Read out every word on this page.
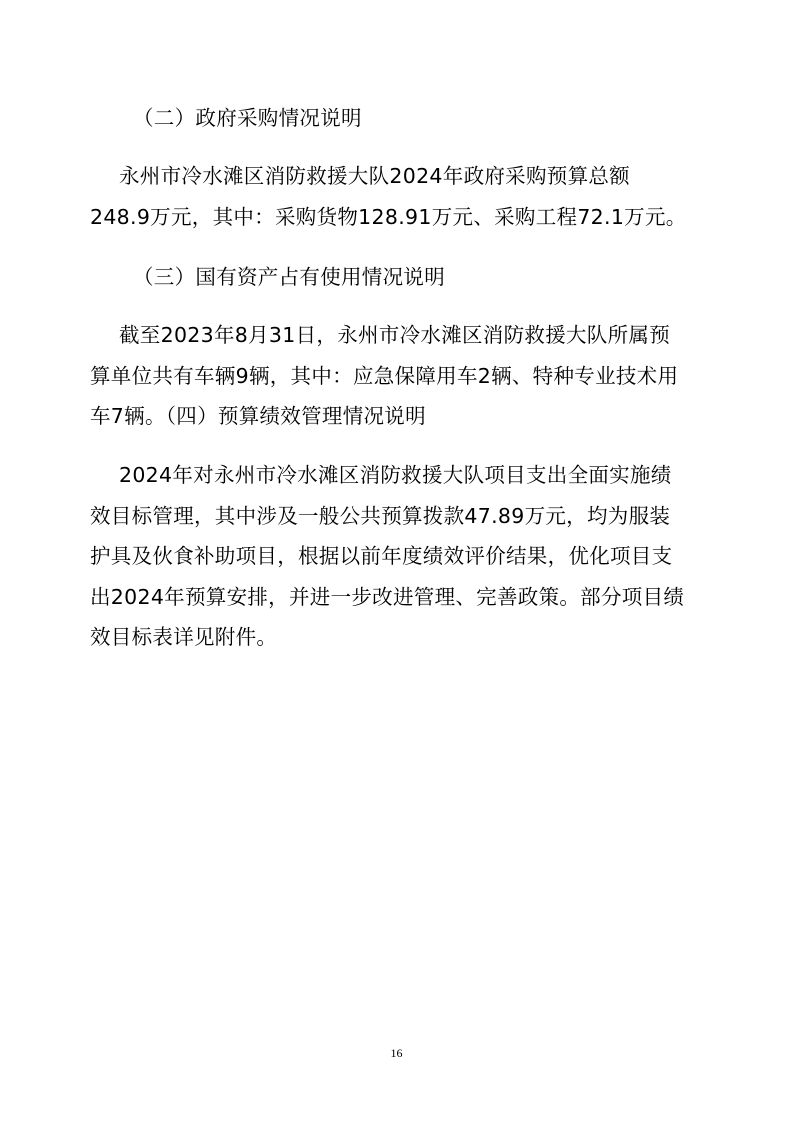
（二）政府采购情况说明
永州市冷水滩区消防救援大队2024年政府采购预算总额
248.9万元，其中：采购货物128.91万元、采购工程72.1万元。
（三）国有资产占有使用情况说明
截至2023年8月31日，永州市冷水滩区消防救援大队所属预
算单位共有车辆9辆，其中：应急保障用车2辆、特种专业技术用
车7辆。（四）预算绩效管理情况说明
2024年对永州市冷水滩区消防救援大队项目支出全面实施绩
效目标管理，其中涉及一般公共预算拨款47.89万元，均为服装
护具及伙食补助项目，根据以前年度绩效评价结果，优化项目支
出2024年预算安排，并进一步改进管理、完善政策。部分项目绩
效目标表详见附件。
16
